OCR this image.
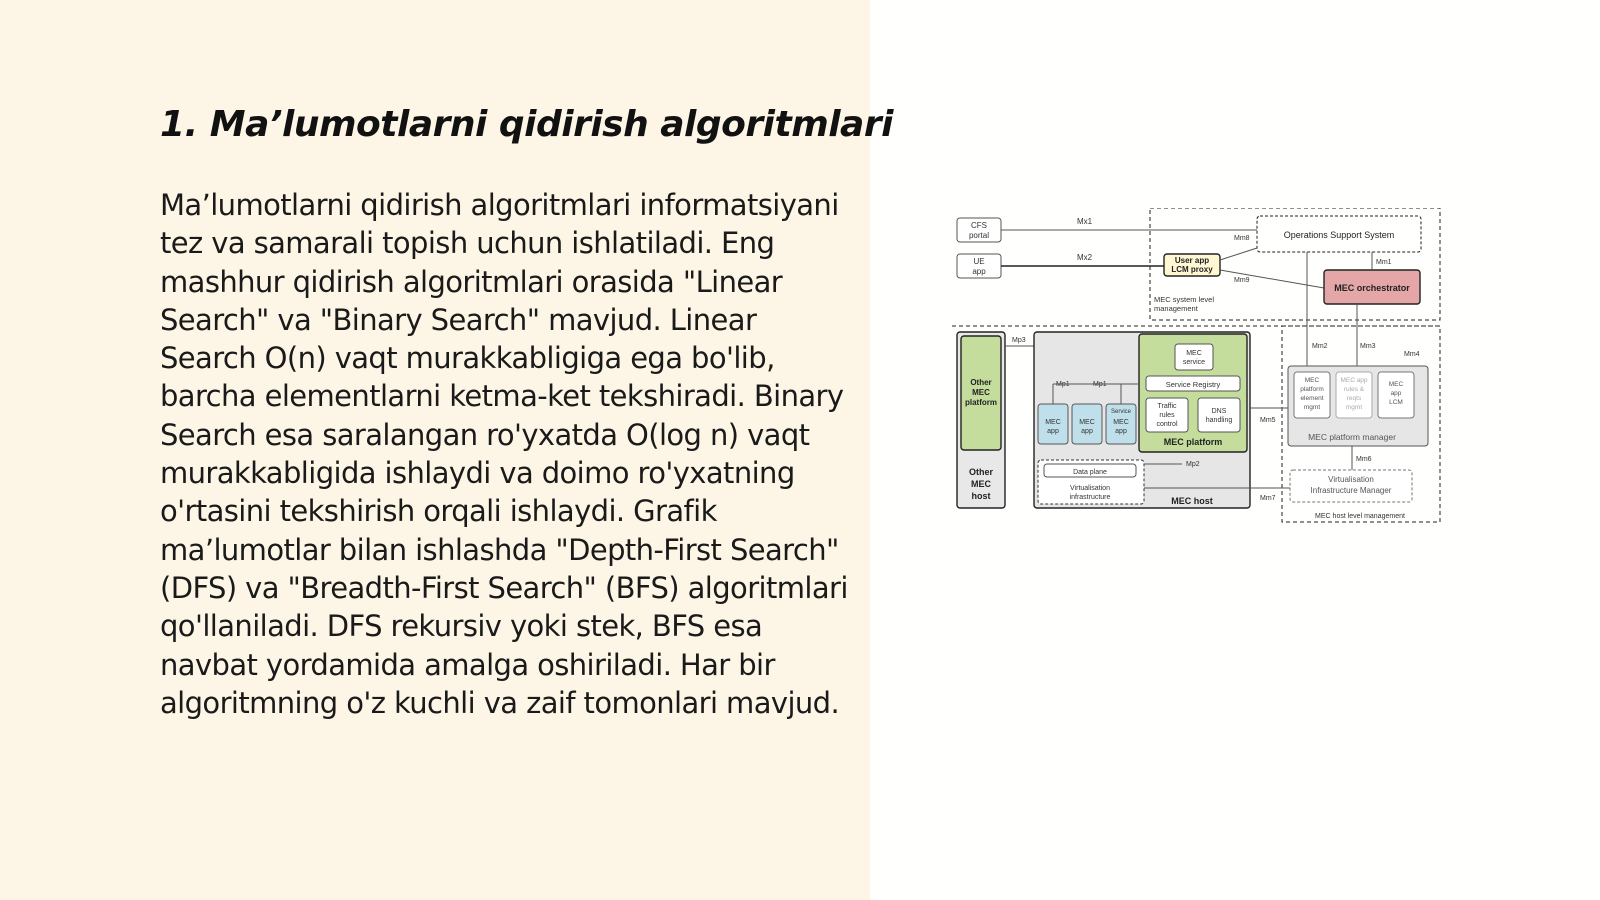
1. Ma’lumotlarni qidirish algoritmlari

Ma’lumotlarni qidirish algoritmlari informatsiyani tez va samarali topish uchun ishlatiladi. Eng mashhur qidirish algoritmlari orasida "Linear Search" va "Binary Search" mavjud. Linear Search O(n) vaqt murakkabligiga ega bo'lib, barcha elementlarni ketma-ket tekshiradi. Binary Search esa saralangan ro'yxatda O(log n) vaqt murakkabligida ishlaydi va doimo ro'yxatning o'rtasini tekshirish orqali ishlaydi. Grafik ma’lumotlar bilan ishlashda "Depth-First Search" (DFS) va "Breadth-First Search" (BFS) algoritmlari qo'llaniladi. DFS rekursiv yoki stek, BFS esa navbat yordamida amalga oshiriladi. Har bir algoritmning o'z kuchli va zaif tomonlari mavjud.

CFS
portal
UE
app
Mx1
Mx2
Operations Support System
User app
LCM proxy
Mm8
Mm9
MEC orchestrator
Mm1
MEC system level
management
Other
MEC
platform
Other
MEC
host
Mp3
MEC
service
Service Registry
Traffic
rules
control
DNS
handling
MEC platform
MEC
app
MEC
app
Service
MEC
app
Mp1	Mp1
Data plane
Virtualisation
infrastructure
Mp2
MEC host
Mm2	Mm3
Mm4
MEC
platform
element
mgmt
MEC app
rules &
reqts
mgmt
MEC
app
LCM
MEC platform manager
Mm5
Mm6
Virtualisation
Infrastructure Manager
Mm7
MEC host level management
